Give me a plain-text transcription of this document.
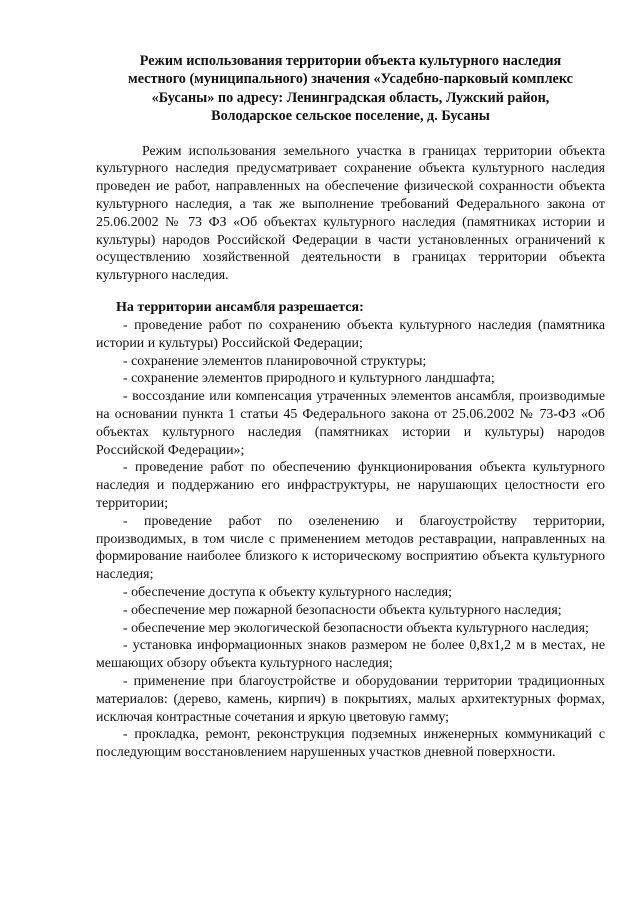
Режим использования территории объекта культурного наследия
местного (муниципального) значения «Усадебно-парковый комплекс
«Бусаны» по адресу: Ленинградская область, Лужский район,
Володарское сельское поселение, д. Бусаны

Режим использования земельного участка в границах территории объекта культурного наследия предусматривает сохранение объекта культурного наследия проведен ие работ, направленных на обеспечение физической сохранности объекта культурного наследия, а так же выполнение требований Федерального закона от 25.06.2002 № 73 ФЗ «Об объектах культурного наследия (памятниках истории и культуры) народов Российской Федерации в части установленных ограничений к осуществлению хозяйственной деятельности в границах территории объекта культурного наследия.

На территории ансамбля разрешается:
- проведение работ по сохранению объекта культурного наследия (памятника истории и культуры) Российской Федерации;
- сохранение элементов планировочной структуры;
- сохранение элементов природного и культурного ландшафта;
- воссоздание или компенсация утраченных элементов ансамбля, производимые на основании пункта 1 статьи 45 Федерального закона от 25.06.2002 № 73-ФЗ «Об объектах культурного наследия (памятниках истории и культуры) народов Российской Федерации»;
- проведение работ по обеспечению функционирования объекта культурного наследия и поддержанию его инфраструктуры, не нарушающих целостности его территории;
- проведение работ по озеленению и благоустройству территории, производимых, в том числе с применением методов реставрации, направленных на формирование наиболее близкого к историческому восприятию объекта культурного наследия;
- обеспечение доступа к объекту культурного наследия;
- обеспечение мер пожарной безопасности объекта культурного наследия;
- обеспечение мер экологической безопасности объекта культурного наследия;
- установка информационных знаков размером не более 0,8х1,2 м в местах, не мешающих обзору объекта культурного наследия;
- применение при благоустройстве и оборудовании территории традиционных материалов: (дерево, камень, кирпич) в покрытиях, малых архитектурных формах, исключая контрастные сочетания и яркую цветовую гамму;
- прокладка, ремонт, реконструкция подземных инженерных коммуникаций с последующим восстановлением нарушенных участков дневной поверхности.
